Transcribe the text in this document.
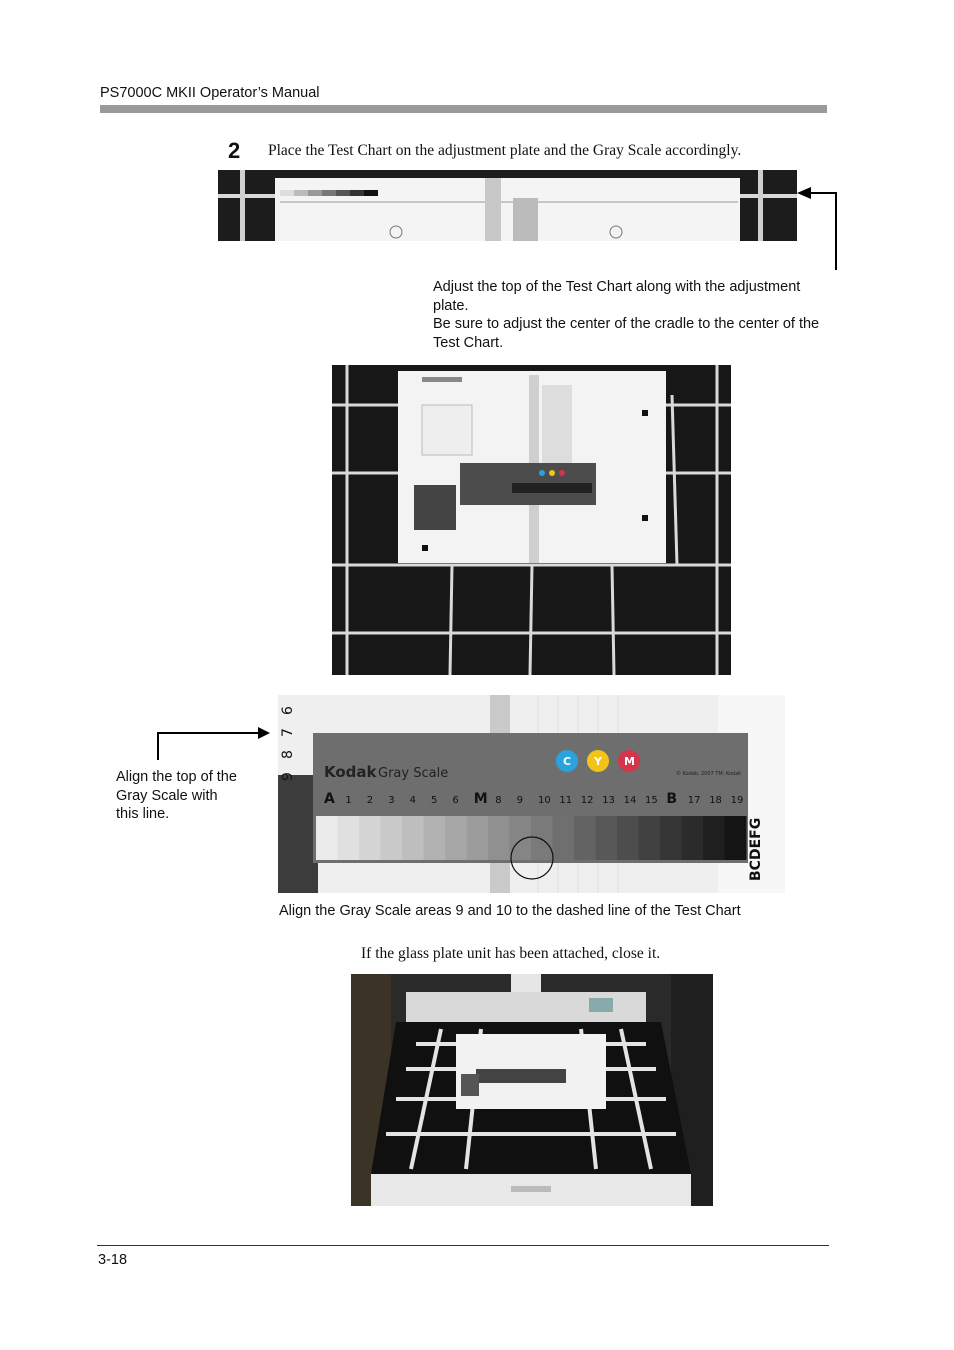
PS7000C MKII Operator’s Manual
2 Place the Test Chart on the adjustment plate and the Gray Scale accordingly.
Adjust the top of the Test Chart along with the adjustment
plate.
Be sure to adjust the center of the cradle to the center of the
Test Chart.
6
7
8
9 Kodak Gray Scale
C Y M
© Kodak, 2007 TM: Kodak
A 1 2 3 4 5 6 M 8 9 10 11 12 13 14 15 B 17 18 19
BCDEFG
Align the top of the
Gray Scale with
this line.
Align the Gray Scale areas 9 and 10 to the dashed line of the Test Chart
If the glass plate unit has been attached, close it.
3-18
